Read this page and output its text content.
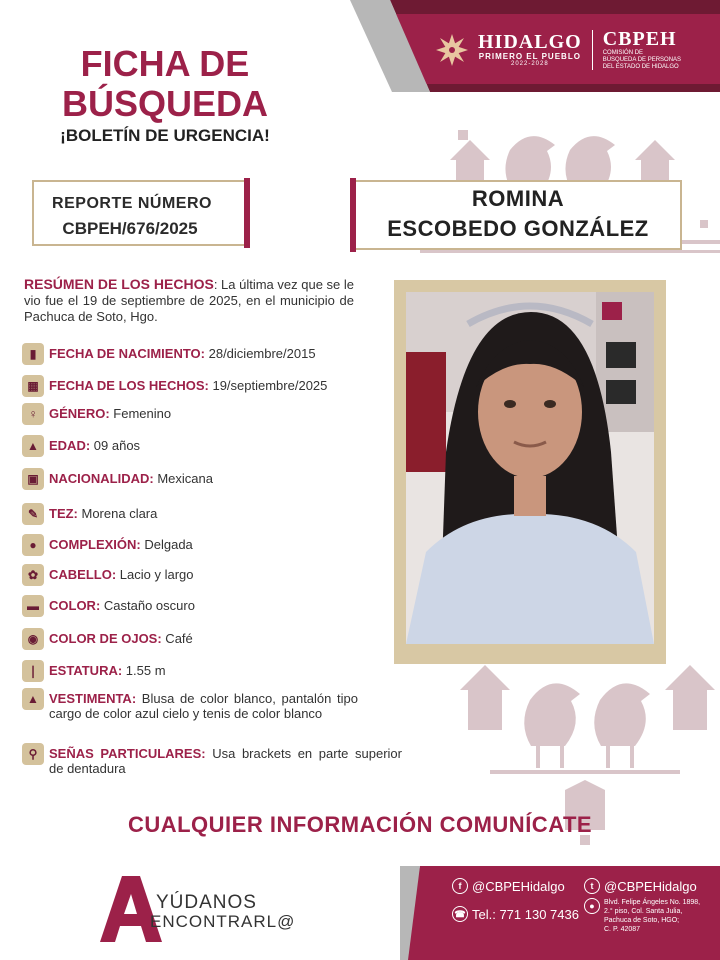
HIDALGO
PRIMERO EL PUEBLO
2022-2028
CBPEH
COMISIÓN DE
BÚSQUEDA DE PERSONAS
DEL ESTADO DE HIDALGO
FICHA DE
BÚSQUEDA
¡BOLETÍN DE URGENCIA!
REPORTE NÚMERO
CBPEH/676/2025
ROMINA
ESCOBEDO GONZÁLEZ
RESÚMEN DE LOS HECHOS: La última vez que se le vio fue el 19 de septiembre de 2025, en el municipio de Pachuca de Soto, Hgo.
▮ FECHA DE NACIMIENTO: 28/diciembre/2015
▦ FECHA DE LOS HECHOS: 19/septiembre/2025
♀ GÉNERO: Femenino
▲ EDAD: 09 años
▣ NACIONALIDAD: Mexicana
✎ TEZ: Morena clara
● COMPLEXIÓN: Delgada
✿ CABELLO: Lacio y largo
▬ COLOR: Castaño oscuro
◉ COLOR DE OJOS: Café
❘ ESTATURA: 1.55 m
▲ VESTIMENTA: Blusa de color blanco, pantalón tipo cargo de color azul cielo y tenis de color blanco
⚲ SEÑAS PARTICULARES: Usa brackets en parte superior de dentadura
CUALQUIER INFORMACIÓN COMUNÍCATE
YÚDANOS
ENCONTRARL@
f @CBPEHidalgo	t @CBPEHidalgo
☎ Tel.: 771 130 7436
●	Blvd. Felipe Ángeles No. 1898,
2.° piso, Col. Santa Julia,
Pachuca de Soto, HGO;
C. P. 42087
